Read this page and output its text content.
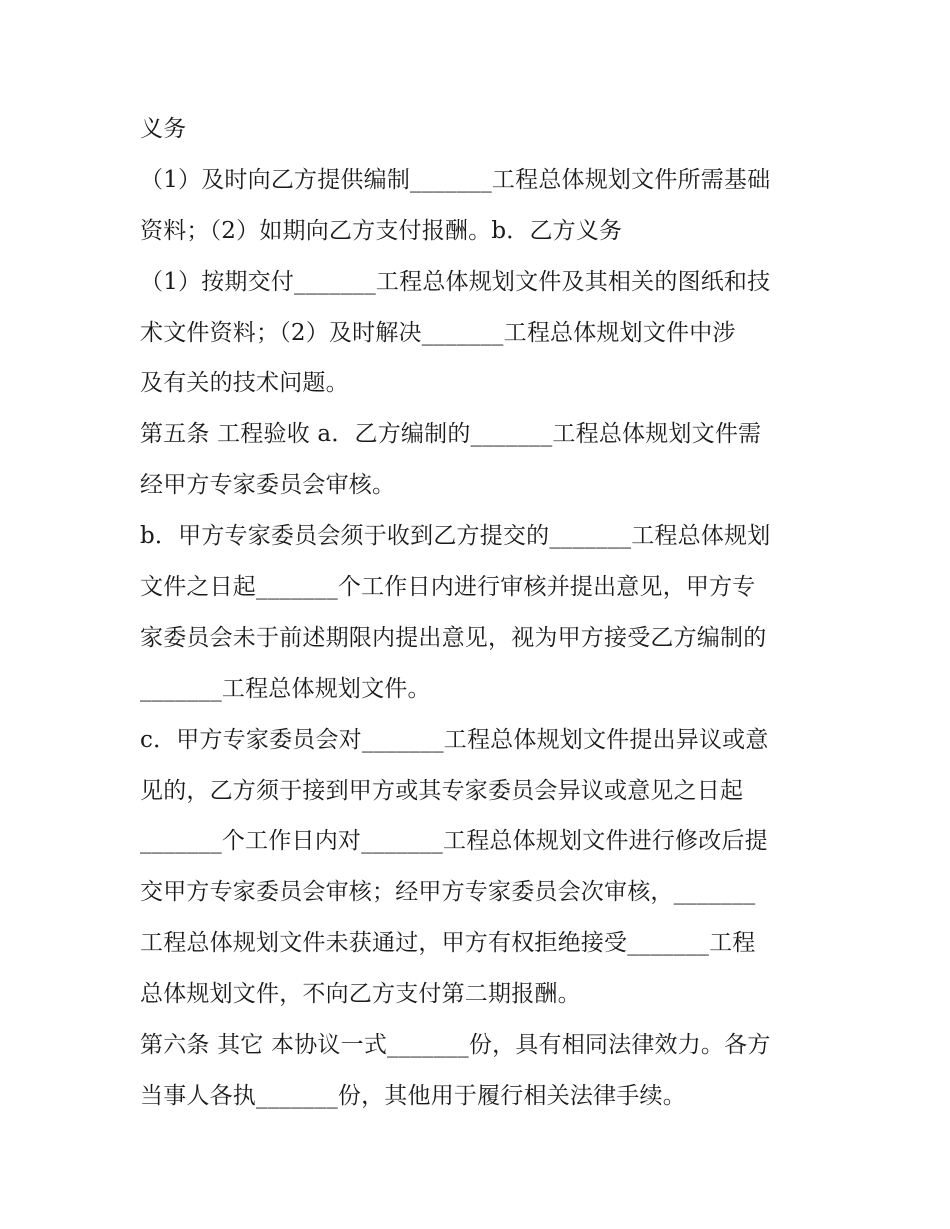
义务
（1）及时向乙方提供编制_______工程总体规划文件所需基础
资料；（2）如期向乙方支付报酬。b．乙方义务
（1）按期交付_______工程总体规划文件及其相关的图纸和技
术文件资料；（2）及时解决_______工程总体规划文件中涉
及有关的技术问题。
第五条 工程验收 a．乙方编制的_______工程总体规划文件需
经甲方专家委员会审核。
b．甲方专家委员会须于收到乙方提交的_______工程总体规划
文件之日起_______个工作日内进行审核并提出意见，甲方专
家委员会未于前述期限内提出意见，视为甲方接受乙方编制的
_______工程总体规划文件。
c．甲方专家委员会对_______工程总体规划文件提出异议或意
见的，乙方须于接到甲方或其专家委员会异议或意见之日起
_______个工作日内对_______工程总体规划文件进行修改后提
交甲方专家委员会审核；经甲方专家委员会次审核，_______
工程总体规划文件未获通过，甲方有权拒绝接受_______工程
总体规划文件，不向乙方支付第二期报酬。
第六条 其它 本协议一式_______份，具有相同法律效力。各方
当事人各执_______份，其他用于履行相关法律手续。
